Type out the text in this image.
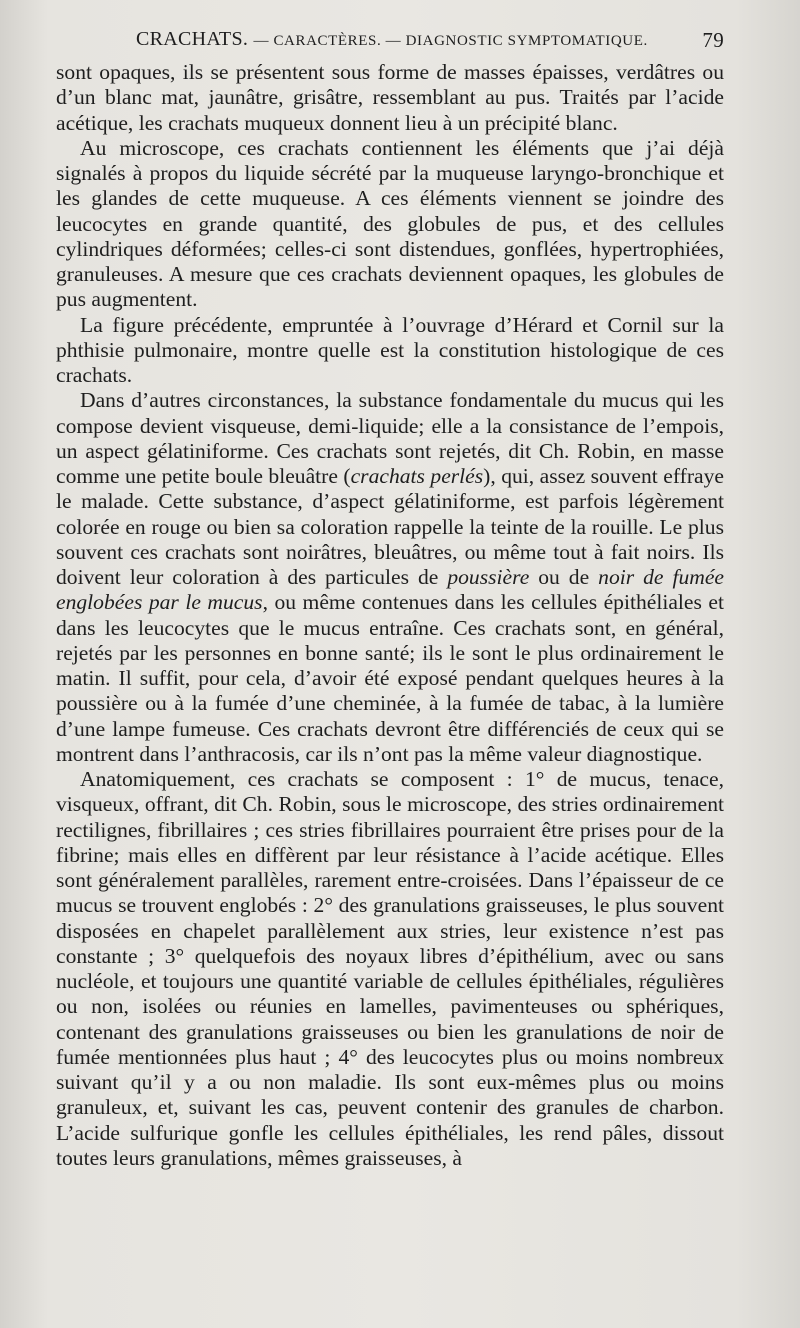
CRACHATS. — CARACTÈRES. — DIAGNOSTIC SYMPTOMATIQUE.	79

sont opaques, ils se présentent sous forme de masses épaisses, verdâtres ou d’un blanc mat, jaunâtre, grisâtre, ressemblant au pus. Traités par l’acide acétique, les crachats muqueux donnent lieu à un précipité blanc.

Au microscope, ces crachats contiennent les éléments que j’ai déjà signalés à propos du liquide sécrété par la muqueuse laryngo-bronchique et les glandes de cette muqueuse. A ces éléments viennent se joindre des leucocytes en grande quantité, des globules de pus, et des cellules cylindriques déformées; celles-ci sont distendues, gonflées, hypertrophiées, granuleuses. A mesure que ces crachats deviennent opaques, les globules de pus augmentent.

La figure précédente, empruntée à l’ouvrage d’Hérard et Cornil sur la phthisie pulmonaire, montre quelle est la constitution histologique de ces crachats.

Dans d’autres circonstances, la substance fondamentale du mucus qui les compose devient visqueuse, demi-liquide; elle a la consistance de l’empois, un aspect gélatiniforme. Ces crachats sont rejetés, dit Ch. Robin, en masse comme une petite boule bleuâtre (crachats perlés), qui, assez souvent effraye le malade. Cette substance, d’aspect gélatiniforme, est parfois légèrement colorée en rouge ou bien sa coloration rappelle la teinte de la rouille. Le plus souvent ces crachats sont noirâtres, bleuâtres, ou même tout à fait noirs. Ils doivent leur coloration à des particules de poussière ou de noir de fumée englobées par le mucus, ou même contenues dans les cellules épithéliales et dans les leucocytes que le mucus entraîne. Ces crachats sont, en général, rejetés par les personnes en bonne santé; ils le sont le plus ordinairement le matin. Il suffit, pour cela, d’avoir été exposé pendant quelques heures à la poussière ou à la fumée d’une cheminée, à la fumée de tabac, à la lumière d’une lampe fumeuse. Ces crachats devront être différenciés de ceux qui se montrent dans l’anthracosis, car ils n’ont pas la même valeur diagnostique.

Anatomiquement, ces crachats se composent : 1° de mucus, tenace, visqueux, offrant, dit Ch. Robin, sous le microscope, des stries ordinairement rectilignes, fibrillaires ; ces stries fibrillaires pourraient être prises pour de la fibrine; mais elles en diffèrent par leur résistance à l’acide acétique. Elles sont généralement parallèles, rarement entre-croisées. Dans l’épaisseur de ce mucus se trouvent englobés : 2° des granulations graisseuses, le plus souvent disposées en chapelet parallèlement aux stries, leur existence n’est pas constante ; 3° quelquefois des noyaux libres d’épithélium, avec ou sans nucléole, et toujours une quantité variable de cellules épithéliales, régulières ou non, isolées ou réunies en lamelles, pavimenteuses ou sphériques, contenant des granulations graisseuses ou bien les granulations de noir de fumée mentionnées plus haut ; 4° des leucocytes plus ou moins nombreux suivant qu’il y a ou non maladie. Ils sont eux-mêmes plus ou moins granuleux, et, suivant les cas, peuvent contenir des granules de charbon. L’acide sulfurique gonfle les cellules épithéliales, les rend pâles, dissout toutes leurs granulations, mêmes graisseuses, à
